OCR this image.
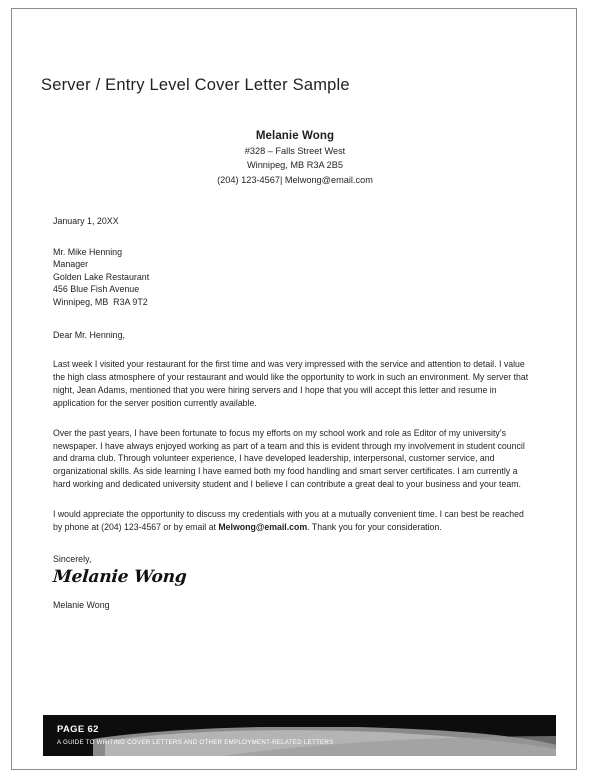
Server / Entry Level Cover Letter Sample
Melanie Wong
#328 – Falls Street West
Winnipeg, MB R3A 2B5
(204) 123-4567| Melwong@email.com
January 1, 20XX
Mr. Mike Henning
Manager
Golden Lake Restaurant
456 Blue Fish Avenue
Winnipeg, MB  R3A 9T2
Dear Mr. Henning,
Last week I visited your restaurant for the first time and was very impressed with the service and attention to detail. I value the high class atmosphere of your restaurant and would like the opportunity to work in such an environment. My server that night, Jean Adams, mentioned that you were hiring servers and I hope that you will accept this letter and resume in application for the server position currently available.
Over the past years, I have been fortunate to focus my efforts on my school work and role as Editor of my university’s newspaper. I have always enjoyed working as part of a team and this is evident through my involvement in student council and drama club. Through volunteer experience, I have developed leadership, interpersonal, customer service, and organizational skills. As side learning I have earned both my food handling and smart server certificates. I am currently a hard working and dedicated university student and I believe I can contribute a great deal to your business and your team.
I would appreciate the opportunity to discuss my credentials with you at a mutually convenient time. I can best be reached by phone at (204) 123-4567 or by email at Melwong@email.com. Thank you for your consideration.
Sincerely,
Melanie Wong
Melanie Wong
PAGE 62
A GUIDE TO WRITING COVER LETTERS AND OTHER EMPLOYMENT-RELATED LETTERS
